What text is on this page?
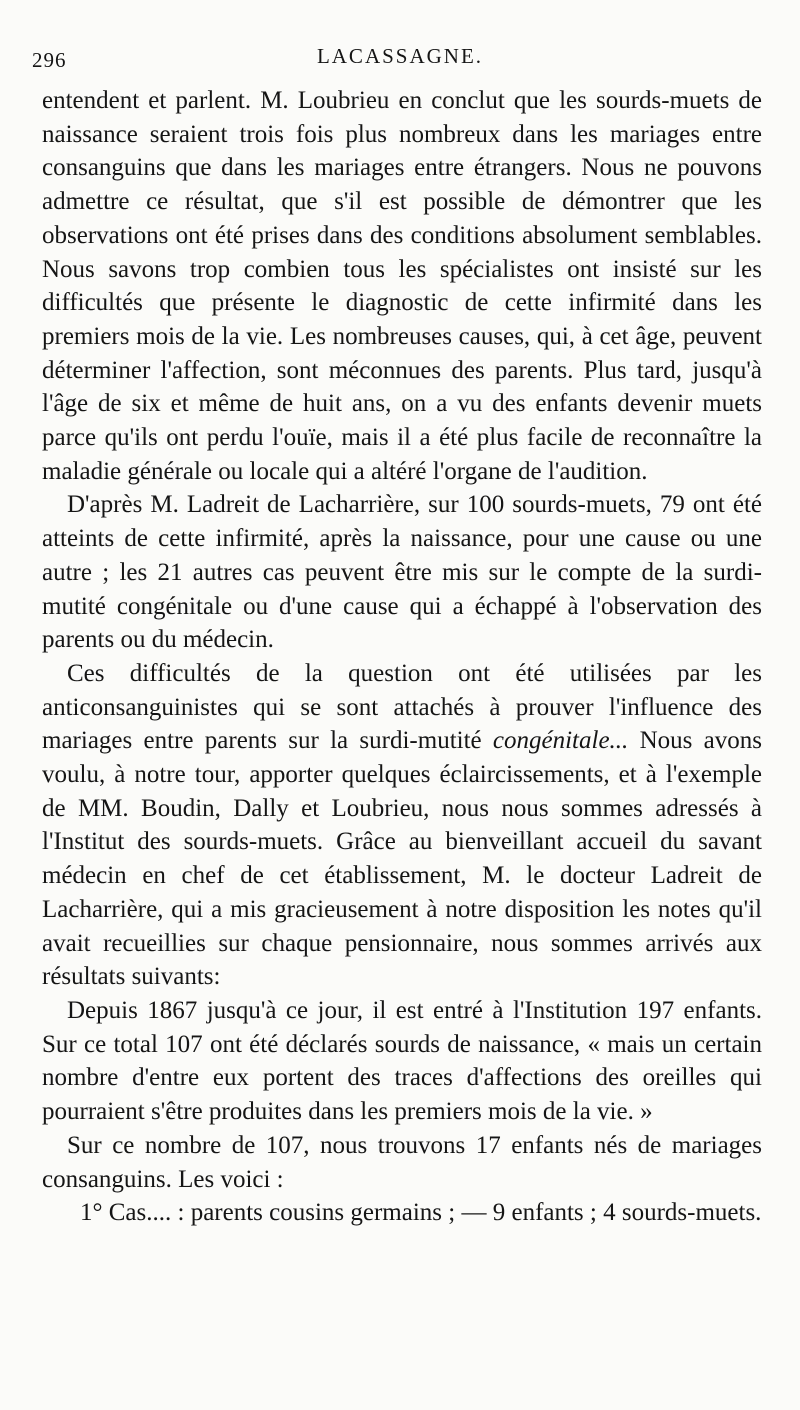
296	LACASSAGNE.

entendent et parlent. M. Loubrieu en conclut que les sourds-muets de naissance seraient trois fois plus nombreux dans les mariages entre consanguins que dans les mariages entre étrangers. Nous ne pouvons admettre ce résultat, que s'il est possible de démontrer que les observations ont été prises dans des conditions absolument semblables. Nous savons trop combien tous les spécialistes ont insisté sur les difficultés que présente le diagnostic de cette infirmité dans les premiers mois de la vie. Les nombreuses causes, qui, à cet âge, peuvent déterminer l'affection, sont méconnues des parents. Plus tard, jusqu'à l'âge de six et même de huit ans, on a vu des enfants devenir muets parce qu'ils ont perdu l'ouïe, mais il a été plus facile de reconnaître la maladie générale ou locale qui a altéré l'organe de l'audition.

D'après M. Ladreit de Lacharrière, sur 100 sourds-muets, 79 ont été atteints de cette infirmité, après la naissance, pour une cause ou une autre ; les 21 autres cas peuvent être mis sur le compte de la surdi-mutité congénitale ou d'une cause qui a échappé à l'observation des parents ou du médecin.

Ces difficultés de la question ont été utilisées par les anticonsanguinistes qui se sont attachés à prouver l'influence des mariages entre parents sur la surdi-mutité congénitale... Nous avons voulu, à notre tour, apporter quelques éclaircissements, et à l'exemple de MM. Boudin, Dally et Loubrieu, nous nous sommes adressés à l'Institut des sourds-muets. Grâce au bienveillant accueil du savant médecin en chef de cet établissement, M. le docteur Ladreit de Lacharrière, qui a mis gracieusement à notre disposition les notes qu'il avait recueillies sur chaque pensionnaire, nous sommes arrivés aux résultats suivants:

Depuis 1867 jusqu'à ce jour, il est entré à l'Institution 197 enfants. Sur ce total 107 ont été déclarés sourds de naissance, « mais un certain nombre d'entre eux portent des traces d'affections des oreilles qui pourraient s'être produites dans les premiers mois de la vie. »

Sur ce nombre de 107, nous trouvons 17 enfants nés de mariages consanguins. Les voici :

1° Cas.... : parents cousins germains ; — 9 enfants ; 4 sourds-muets.
